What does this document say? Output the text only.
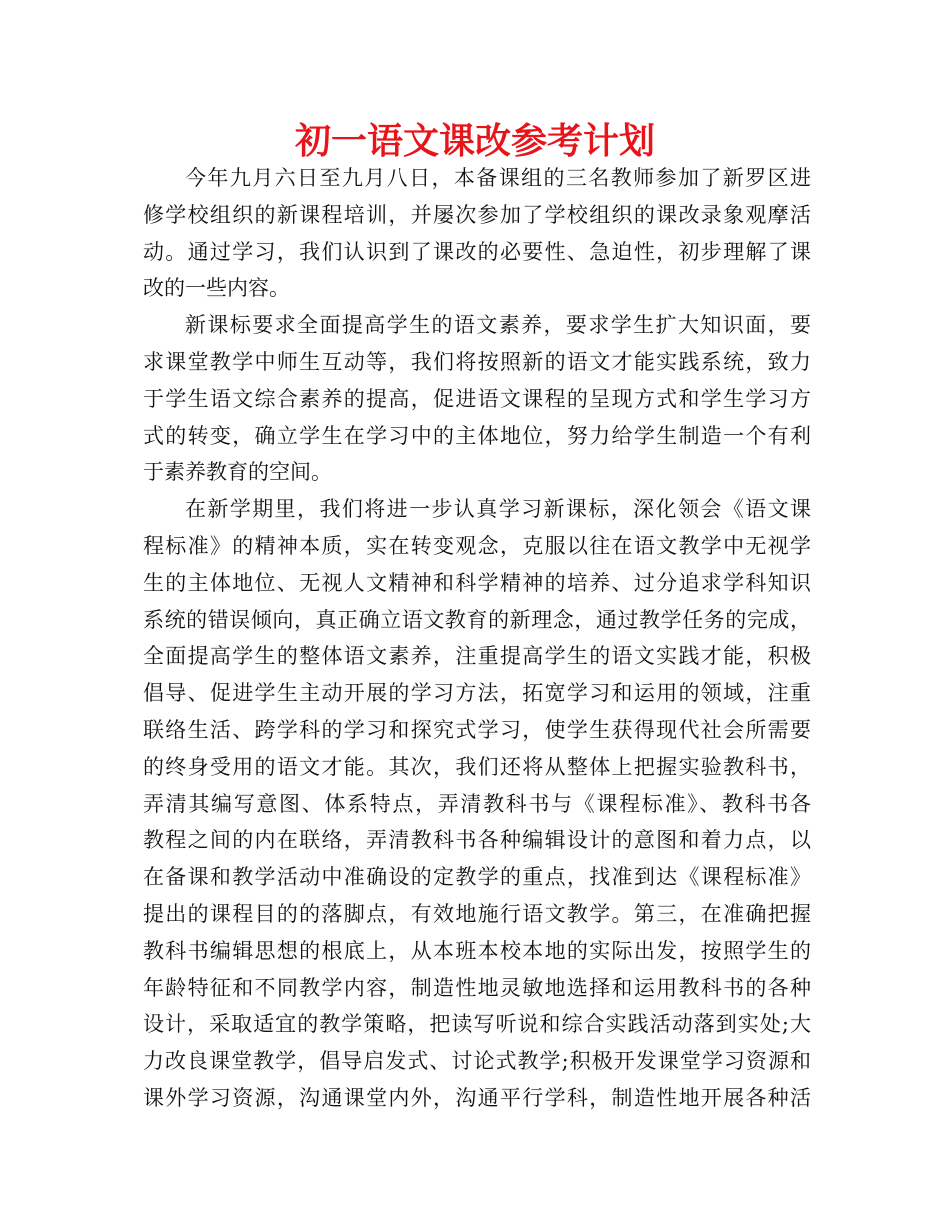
初一语文课改参考计划

今年九月六日至九月八日，本备课组的三名教师参加了新罗区进
修学校组织的新课程培训，并屡次参加了学校组织的课改录象观摩活
动。通过学习，我们认识到了课改的必要性、急迫性，初步理解了课
改的一些内容。

新课标要求全面提高学生的语文素养，要求学生扩大知识面，要
求课堂教学中师生互动等，我们将按照新的语文才能实践系统，致力
于学生语文综合素养的提高，促进语文课程的呈现方式和学生学习方
式的转变，确立学生在学习中的主体地位，努力给学生制造一个有利
于素养教育的空间。

在新学期里，我们将进一步认真学习新课标，深化领会《语文课
程标准》的精神本质，实在转变观念，克服以往在语文教学中无视学
生的主体地位、无视人文精神和科学精神的培养、过分追求学科知识
系统的错误倾向，真正确立语文教育的新理念，通过教学任务的完成，
全面提高学生的整体语文素养，注重提高学生的语文实践才能，积极
倡导、促进学生主动开展的学习方法，拓宽学习和运用的领域，注重
联络生活、跨学科的学习和探究式学习，使学生获得现代社会所需要
的终身受用的语文才能。其次，我们还将从整体上把握实验教科书，
弄清其编写意图、体系特点，弄清教科书与《课程标准》、教科书各
教程之间的内在联络，弄清教科书各种编辑设计的意图和着力点，以
在备课和教学活动中准确设的定教学的重点，找准到达《课程标准》
提出的课程目的的落脚点，有效地施行语文教学。第三，在准确把握
教科书编辑思想的根底上，从本班本校本地的实际出发，按照学生的
年龄特征和不同教学内容，制造性地灵敏地选择和运用教科书的各种
设计，采取适宜的教学策略，把读写听说和综合实践活动落到实处;大
力改良课堂教学，倡导启发式、讨论式教学;积极开发课堂学习资源和
课外学习资源，沟通课堂内外，沟通平行学科，制造性地开展各种活
